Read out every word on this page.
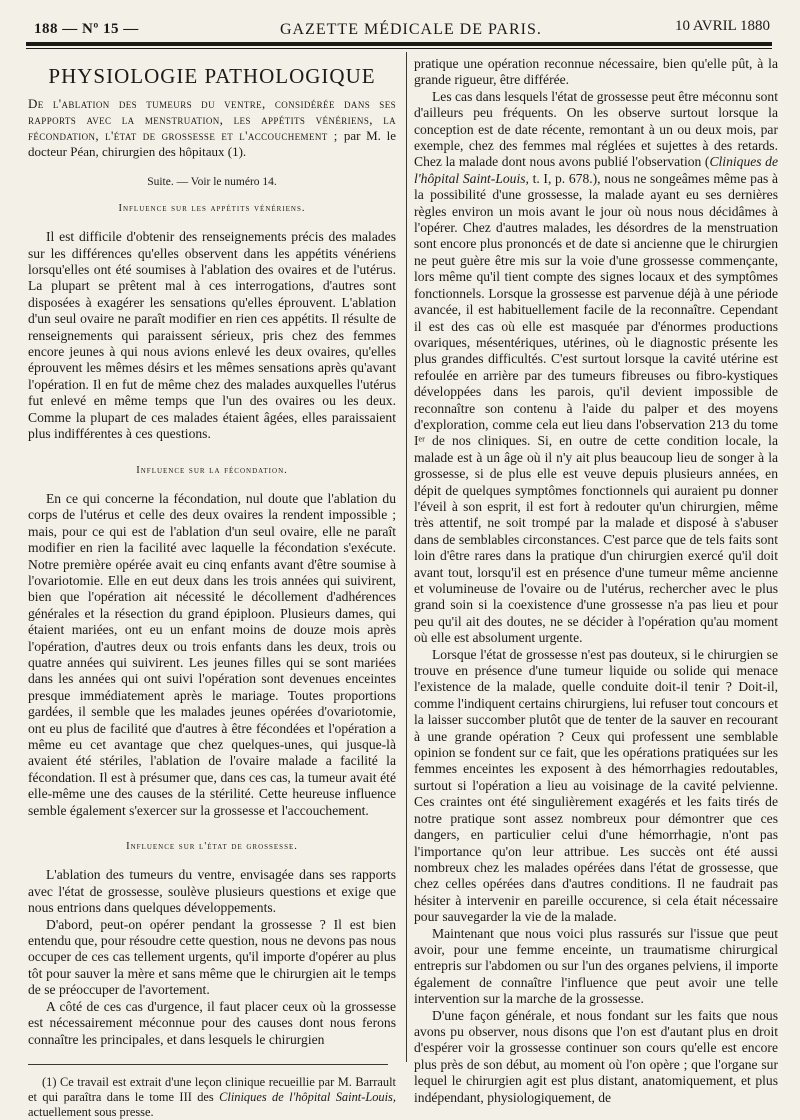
188 — Nº 15 —	GAZETTE MÉDICALE DE PARIS.	10 AVRIL 1880
PHYSIOLOGIE PATHOLOGIQUE
De l'ablation des tumeurs du ventre, considérée dans ses rapports avec la menstruation, les appétits vénériens, la fécondation, l'état de grossesse et l'accouchement ; par M. le docteur Péan, chirurgien des hôpitaux (1).
Suite. — Voir le numéro 14.
Influence sur les appétits vénériens.

Il est difficile d'obtenir des renseignements précis des malades sur les différences qu'elles observent dans les appétits vénériens lorsqu'elles ont été soumises à l'ablation des ovaires et de l'utérus. La plupart se prêtent mal à ces interrogations, d'autres sont disposées à exagérer les sensations qu'elles éprouvent. L'ablation d'un seul ovaire ne paraît modifier en rien ces appétits. Il résulte de renseignements qui paraissent sérieux, pris chez des femmes encore jeunes à qui nous avions enlevé les deux ovaires, qu'elles éprouvent les mêmes désirs et les mêmes sensations après qu'avant l'opération. Il en fut de même chez des malades auxquelles l'utérus fut enlevé en même temps que l'un des ovaires ou les deux. Comme la plupart de ces malades étaient âgées, elles paraissaient plus indifférentes à ces questions.

Influence sur la fécondation.

En ce qui concerne la fécondation, nul doute que l'ablation du corps de l'utérus et celle des deux ovaires la rendent impossible ; mais, pour ce qui est de l'ablation d'un seul ovaire, elle ne paraît modifier en rien la facilité avec laquelle la fécondation s'exécute. Notre première opérée avait eu cinq enfants avant d'être soumise à l'ovariotomie. Elle en eut deux dans les trois années qui suivirent, bien que l'opération ait nécessité le décollement d'adhérences générales et la résection du grand épiploon. Plusieurs dames, qui étaient mariées, ont eu un enfant moins de douze mois après l'opération, d'autres deux ou trois enfants dans les deux, trois ou quatre années qui suivirent. Les jeunes filles qui se sont mariées dans les années qui ont suivi l'opération sont devenues enceintes presque immédiatement après le mariage. Toutes proportions gardées, il semble que les malades jeunes opérées d'ovariotomie, ont eu plus de facilité que d'autres à être fécondées et l'opération a même eu cet avantage que chez quelques-unes, qui jusque-là avaient été stériles, l'ablation de l'ovaire malade a facilité la fécondation. Il est à présumer que, dans ces cas, la tumeur avait été elle-même une des causes de la stérilité. Cette heureuse influence semble également s'exercer sur la grossesse et l'accouchement.

Influence sur l'état de grossesse.

L'ablation des tumeurs du ventre, envisagée dans ses rapports avec l'état de grossesse, soulève plusieurs questions et exige que nous entrions dans quelques développements.

D'abord, peut-on opérer pendant la grossesse ? Il est bien entendu que, pour résoudre cette question, nous ne devons pas nous occuper de ces cas tellement urgents, qu'il importe d'opérer au plus tôt pour sauver la mère et sans même que le chirurgien ait le temps de se préoccuper de l'avortement.

A côté de ces cas d'urgence, il faut placer ceux où la grossesse est nécessairement méconnue pour des causes dont nous ferons connaître les principales, et dans lesquels le chirurgien

(1) Ce travail est extrait d'une leçon clinique recueillie par M. Barrault et qui paraîtra dans le tome III des Cliniques de l'hôpital Saint-Louis, actuellement sous presse.

pratique une opération reconnue nécessaire, bien qu'elle pût, à la grande rigueur, être différée.

Les cas dans lesquels l'état de grossesse peut être méconnu sont d'ailleurs peu fréquents. On les observe surtout lorsque la conception est de date récente, remontant à un ou deux mois, par exemple, chez des femmes mal réglées et sujettes à des retards. Chez la malade dont nous avons publié l'observation (Cliniques de l'hôpital Saint-Louis, t. I, p. 678.), nous ne songeâmes même pas à la possibilité d'une grossesse, la malade ayant eu ses dernières règles environ un mois avant le jour où nous nous décidâmes à l'opérer. Chez d'autres malades, les désordres de la menstruation sont encore plus prononcés et de date si ancienne que le chirurgien ne peut guère être mis sur la voie d'une grossesse commençante, lors même qu'il tient compte des signes locaux et des symptômes fonctionnels. Lorsque la grossesse est parvenue déjà à une période avancée, il est habituellement facile de la reconnaître. Cependant il est des cas où elle est masquée par d'énormes productions ovariques, mésentériques, utérines, où le diagnostic présente les plus grandes difficultés. C'est surtout lorsque la cavité utérine est refoulée en arrière par des tumeurs fibreuses ou fibro-kystiques développées dans les parois, qu'il devient impossible de reconnaître son contenu à l'aide du palper et des moyens d'exploration, comme cela eut lieu dans l'observation 213 du tome Iᵉʳ de nos cliniques. Si, en outre de cette condition locale, la malade est à un âge où il n'y ait plus beaucoup lieu de songer à la grossesse, si de plus elle est veuve depuis plusieurs années, en dépit de quelques symptômes fonctionnels qui auraient pu donner l'éveil à son esprit, il est fort à redouter qu'un chirurgien, même très attentif, ne soit trompé par la malade et disposé à s'abuser dans de semblables circonstances. C'est parce que de tels faits sont loin d'être rares dans la pratique d'un chirurgien exercé qu'il doit avant tout, lorsqu'il est en présence d'une tumeur même ancienne et volumineuse de l'ovaire ou de l'utérus, rechercher avec le plus grand soin si la coexistence d'une grossesse n'a pas lieu et pour peu qu'il ait des doutes, ne se décider à l'opération qu'au moment où elle est absolument urgente.

Lorsque l'état de grossesse n'est pas douteux, si le chirurgien se trouve en présence d'une tumeur liquide ou solide qui menace l'existence de la malade, quelle conduite doit-il tenir ? Doit-il, comme l'indiquent certains chirurgiens, lui refuser tout concours et la laisser succomber plutôt que de tenter de la sauver en recourant à une grande opération ? Ceux qui professent une semblable opinion se fondent sur ce fait, que les opérations pratiquées sur les femmes enceintes les exposent à des hémorrhagies redoutables, surtout si l'opération a lieu au voisinage de la cavité pelvienne. Ces craintes ont été singulièrement exagérés et les faits tirés de notre pratique sont assez nombreux pour démontrer que ces dangers, en particulier celui d'une hémorrhagie, n'ont pas l'importance qu'on leur attribue. Les succès ont été aussi nombreux chez les malades opérées dans l'état de grossesse, que chez celles opérées dans d'autres conditions. Il ne faudrait pas hésiter à intervenir en pareille occurence, si cela était nécessaire pour sauvegarder la vie de la malade.

Maintenant que nous voici plus rassurés sur l'issue que peut avoir, pour une femme enceinte, un traumatisme chirurgical entrepris sur l'abdomen ou sur l'un des organes pelviens, il importe également de connaître l'influence que peut avoir une telle intervention sur la marche de la grossesse.

D'une façon générale, et nous fondant sur les faits que nous avons pu observer, nous disons que l'on est d'autant plus en droit d'espérer voir la grossesse continuer son cours qu'elle est encore plus près de son début, au moment où l'on opère ; que l'organe sur lequel le chirurgien agit est plus distant, anatomiquement, et plus indépendant, physiologiquement, de
